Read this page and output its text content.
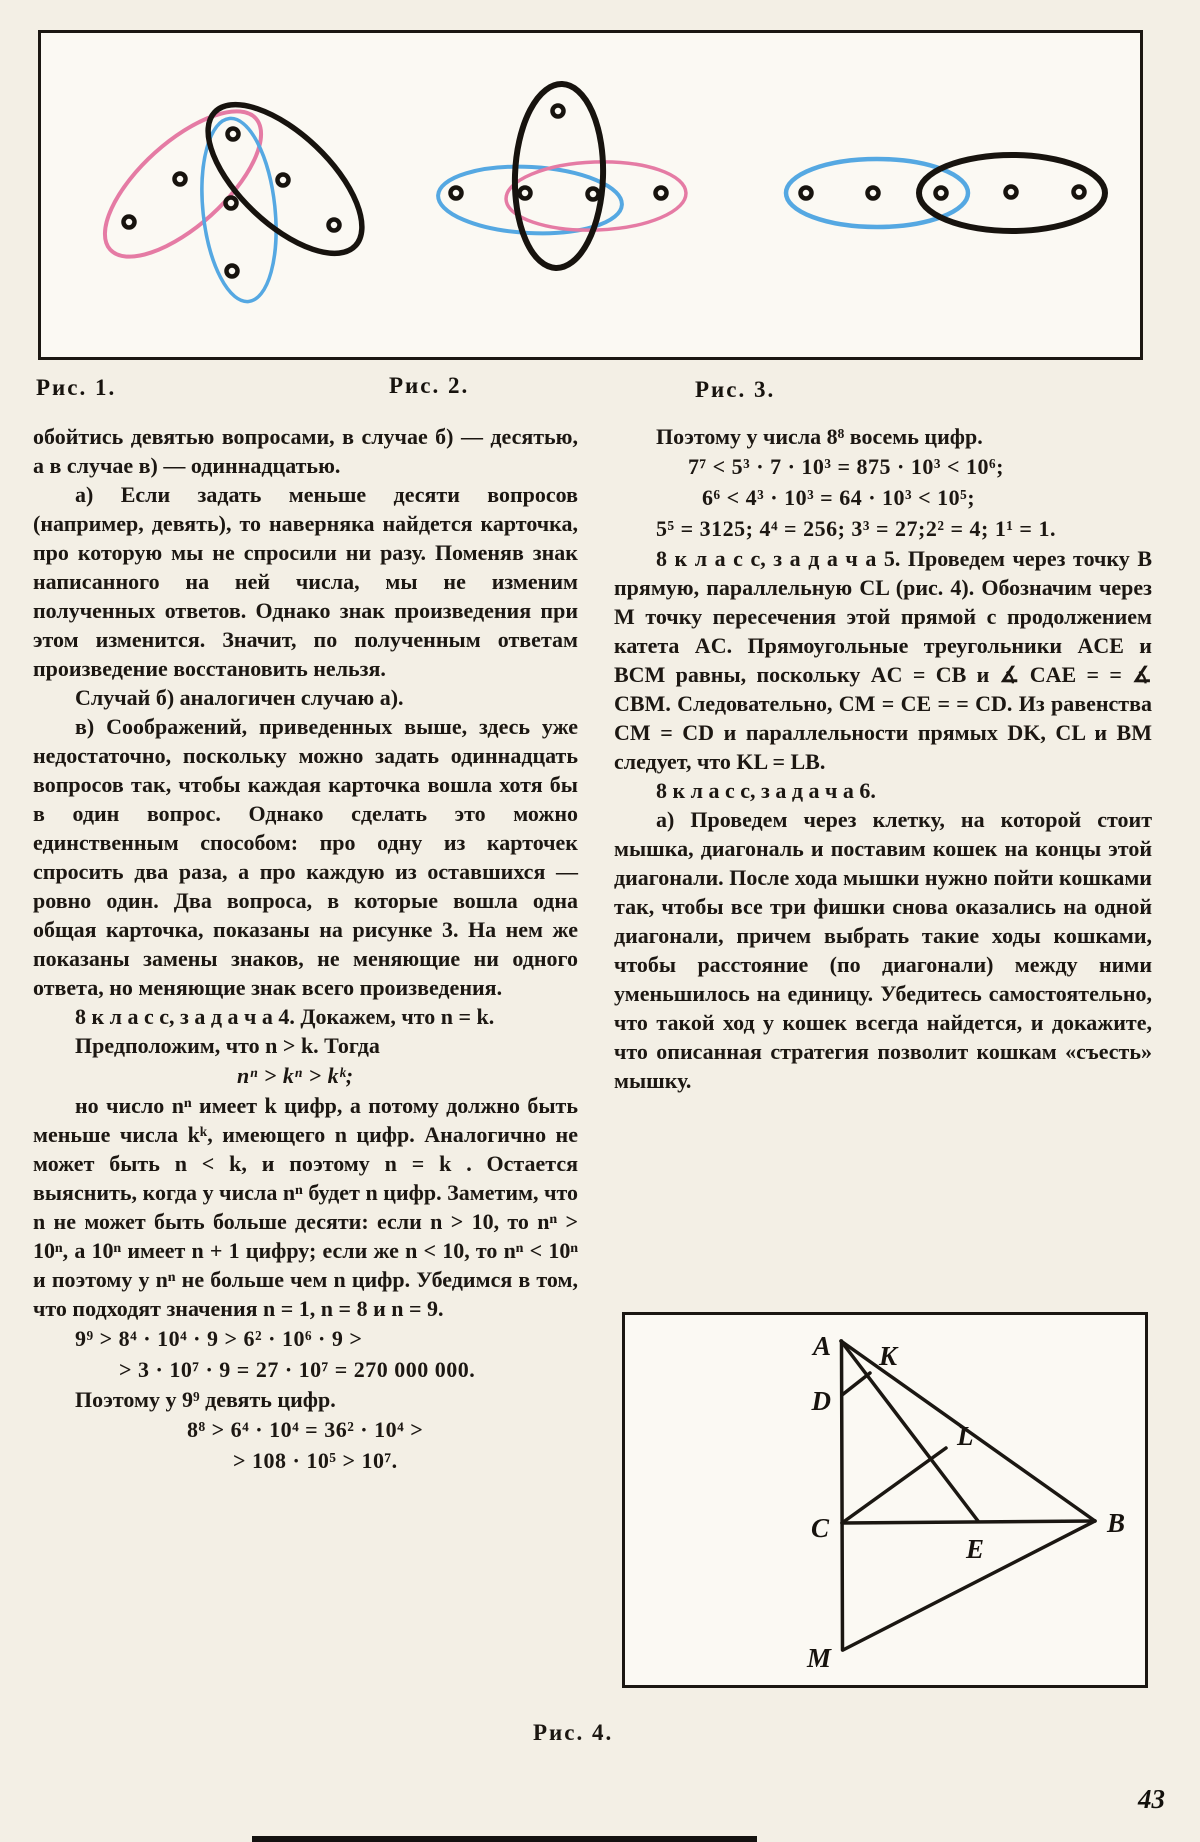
Рис. 1.	Рис. 2.	Рис. 3.

обойтись девятью вопросами, в случае б) — десятью, а в случае в) — одиннадцатью.

а) Если задать меньше десяти вопросов (например, девять), то наверняка найдется карточка, про которую мы не спросили ни разу. Поменяв знак написанного на ней числа, мы не изменим полученных ответов. Однако знак произведения при этом изменится. Значит, по полученным ответам произведение восстановить нельзя.

Случай б) аналогичен случаю а).

в) Соображений, приведенных выше, здесь уже недостаточно, поскольку можно задать одиннадцать вопросов так, чтобы каждая карточка вошла хотя бы в один вопрос. Однако сделать это можно единственным способом: про одну из карточек спросить два раза, а про каждую из оставшихся — ровно один. Два вопроса, в которые вошла одна общая карточка, показаны на рисунке 3. На нем же показаны замены знаков, не меняющие ни одного ответа, но меняющие знак всего произведения.

8 к л а с с, з а д а ч а 4. Докажем, что n = k.

Предположим, что n > k. Тогда

nⁿ > kⁿ > kᵏ;

но число nⁿ имеет k цифр, а потому должно быть меньше числа kᵏ, имеющего n цифр. Аналогично не может быть n < k, и поэтому n = k . Остается выяснить, когда у числа nⁿ будет n цифр. Заметим, что n не может быть больше десяти: если n > 10, то nⁿ > 10ⁿ, а 10ⁿ имеет n + 1 цифру; если же n < 10, то nⁿ < 10ⁿ и поэтому у nⁿ не больше чем n цифр. Убедимся в том, что подходят значения n = 1, n = 8 и n = 9.

9⁹ > 8⁴ · 10⁴ · 9 > 6² · 10⁶ · 9 >

> 3 · 10⁷ · 9 = 27 · 10⁷ = 270 000 000.

Поэтому у 9⁹ девять цифр.

8⁸ > 6⁴ · 10⁴ = 36² · 10⁴ >

> 108 · 10⁵ > 10⁷.

Поэтому у числа 8⁸ восемь цифр.

7⁷ < 5³ · 7 · 10³ = 875 · 10³ < 10⁶;

6⁶ < 4³ · 10³ = 64 · 10³ < 10⁵;

5⁵ = 3125; 4⁴ = 256; 3³ = 27;2² = 4; 1¹ = 1.

8 к л а с с, з а д а ч а 5. Проведем через точку B прямую, параллельную CL (рис. 4). Обозначим через M точку пересечения этой прямой с продолжением катета AC. Прямоугольные треугольники ACE и BCM равны, поскольку AC = CB и ∡ CAE = = ∡ CBM. Следовательно, CM = CE = = CD. Из равенства CM = CD и параллельности прямых DK, CL и BM следует, что KL = LB.

8 к л а с с, з а д а ч а 6.

а) Проведем через клетку, на которой стоит мышка, диагональ и поставим кошек на концы этой диагонали. После хода мышки нужно пойти кошками так, чтобы все три фишки снова оказались на одной диагонали, причем выбрать такие ходы кошками, чтобы расстояние (по диагонали) между ними уменьшилось на единицу. Убедитесь самостоятельно, что такой ход у кошек всегда найдется, и докажите, что описанная стратегия позволит кошкам «съесть» мышку.

A K
D
L
C
E
B
M
Рис. 4.
43
